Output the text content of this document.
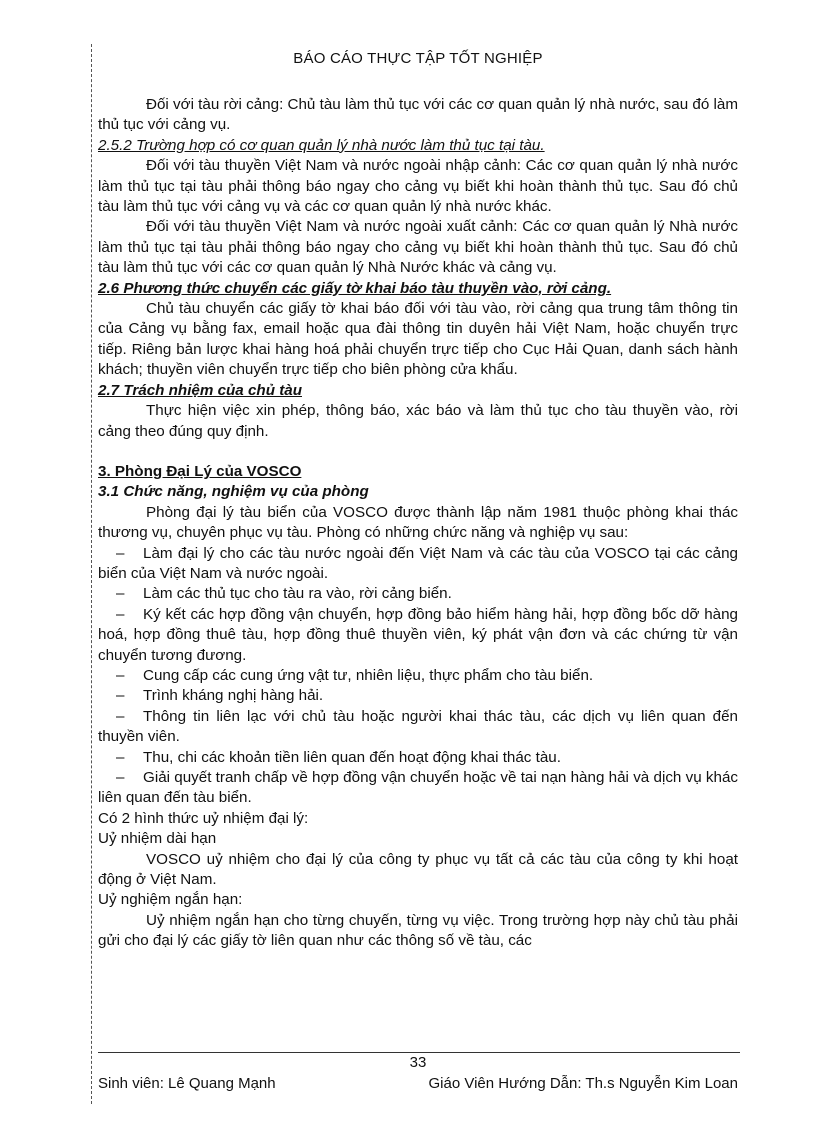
BÁO CÁO THỰC TẬP TỐT NGHIỆP

Đối với tàu rời cảng: Chủ tàu làm thủ tục với các cơ quan quản lý nhà nước, sau đó làm thủ tục với cảng vụ.

2.5.2 Trường hợp có cơ quan quản lý nhà nước làm thủ tục tại tàu.

Đối với tàu thuyền Việt Nam và nước ngoài nhập cảnh: Các cơ quan quản lý nhà nước làm thủ tục tại tàu phải thông báo ngay cho cảng vụ biết khi hoàn thành thủ tục. Sau đó chủ tàu làm thủ tục với cảng vụ và các cơ quan quản lý nhà nước khác.

Đối với tàu thuyền Việt Nam và nước ngoài xuất cảnh: Các cơ quan quản lý Nhà nước làm thủ tục tại tàu phải thông báo ngay cho cảng vụ biết khi hoàn thành thủ tục. Sau đó chủ tàu làm thủ tục với các cơ quan quản lý Nhà Nước khác và cảng vụ.

2.6 Phương thức chuyển các giấy tờ khai báo tàu thuyền vào, rời cảng.

Chủ tàu chuyển các giấy tờ khai báo đối với tàu vào, rời cảng qua trung tâm thông tin của Cảng vụ bằng fax, email hoặc qua đài thông tin duyên hải Việt Nam, hoặc chuyển trực tiếp. Riêng bản lược khai hàng hoá phải chuyển trực tiếp cho Cục Hải Quan, danh sách hành khách; thuyền viên chuyển trực tiếp cho biên phòng cửa khẩu.

2.7 Trách nhiệm của chủ tàu

Thực hiện việc xin phép, thông báo, xác báo và làm thủ tục cho tàu thuyền vào, rời cảng theo đúng quy định.

3. Phòng Đại Lý của VOSCO

3.1 Chức năng, nghiệm vụ của phòng

Phòng đại lý tàu biển của VOSCO được thành lập năm 1981 thuộc phòng khai thác thương vụ, chuyên phục vụ tàu. Phòng có những chức năng và nghiệp vụ sau:

– Làm đại lý cho các tàu nước ngoài đến Việt Nam và các tàu của VOSCO tại các cảng biển của Việt Nam và nước ngoài.

– Làm các thủ tục cho tàu ra vào, rời cảng biển.

– Ký kết các hợp đồng vận chuyển, hợp đồng bảo hiểm hàng hải, hợp đồng bốc dỡ hàng hoá, hợp đồng thuê tàu, hợp đồng thuê thuyền viên, ký phát vận đơn và các chứng từ vận chuyển tương đương.

– Cung cấp các cung ứng vật tư, nhiên liệu, thực phẩm cho tàu biển.

– Trình kháng nghị hàng hải.

– Thông tin liên lạc với chủ tàu hoặc người khai thác tàu, các dịch vụ liên quan đến thuyền viên.

– Thu, chi các khoản tiền liên quan đến hoạt động khai thác tàu.

– Giải quyết tranh chấp về hợp đồng vận chuyển hoặc về tai nạn hàng hải và dịch vụ khác liên quan đến tàu biển.

Có 2 hình thức uỷ nhiệm đại lý:

Uỷ nhiệm dài hạn

VOSCO uỷ nhiệm cho đại lý của công ty phục vụ tất cả các tàu của công ty khi hoạt động ở Việt Nam.

Uỷ nghiệm ngắn hạn:

Uỷ nhiệm ngắn hạn cho từng chuyến, từng vụ việc. Trong trường hợp này chủ tàu phải gửi cho đại lý các giấy tờ liên quan như các thông số về tàu, các

33
Sinh viên: Lê Quang Mạnh	Giáo Viên Hướng Dẫn: Th.s Nguyễn Kim Loan
